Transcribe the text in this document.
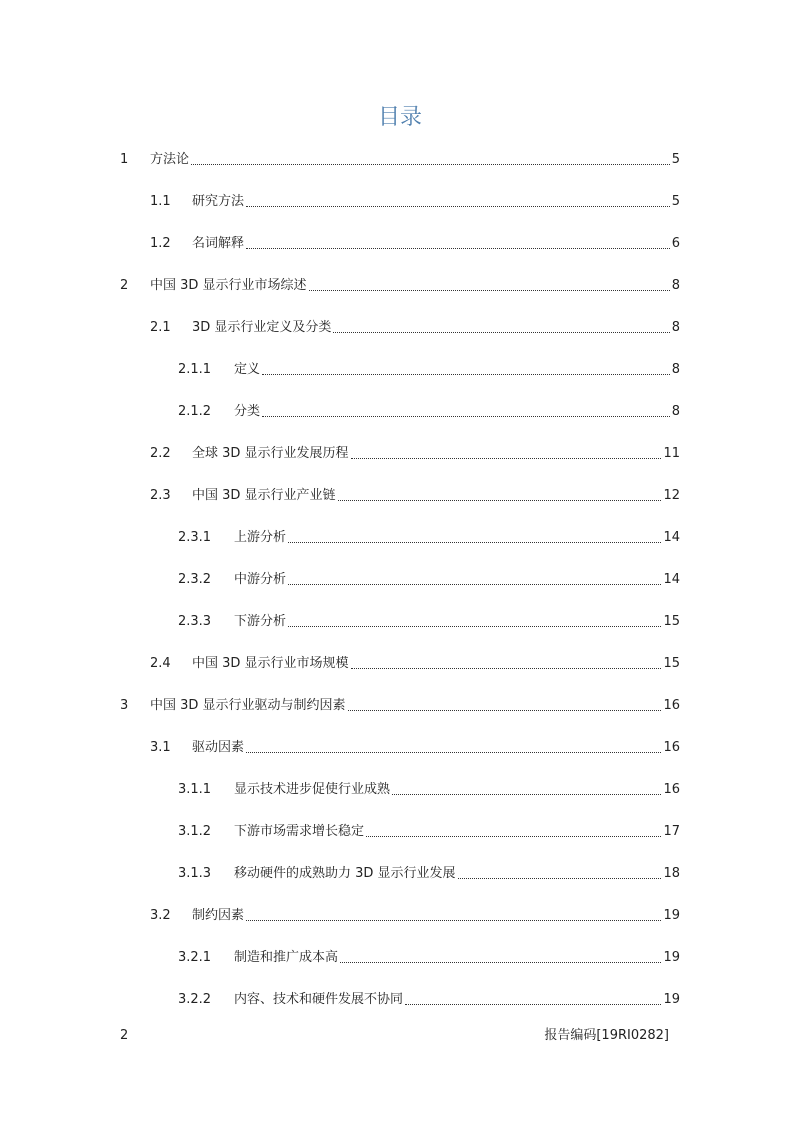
目录
1	方法论	5
1.1	研究方法	5
1.2	名词解释	6
2	中国 3D 显示行业市场综述	8
2.1	3D 显示行业定义及分类	8
2.1.1	定义	8
2.1.2	分类	8
2.2	全球 3D 显示行业发展历程	11
2.3	中国 3D 显示行业产业链	12
2.3.1	上游分析	14
2.3.2	中游分析	14
2.3.3	下游分析	15
2.4	中国 3D 显示行业市场规模	15
3	中国 3D 显示行业驱动与制约因素	16
3.1	驱动因素	16
3.1.1	显示技术进步促使行业成熟	16
3.1.2	下游市场需求增长稳定	17
3.1.3	移动硬件的成熟助力 3D 显示行业发展	18
3.2	制约因素	19
3.2.1	制造和推广成本高	19
3.2.2	内容、技术和硬件发展不协同	19
2	报告编码[19RI0282]
